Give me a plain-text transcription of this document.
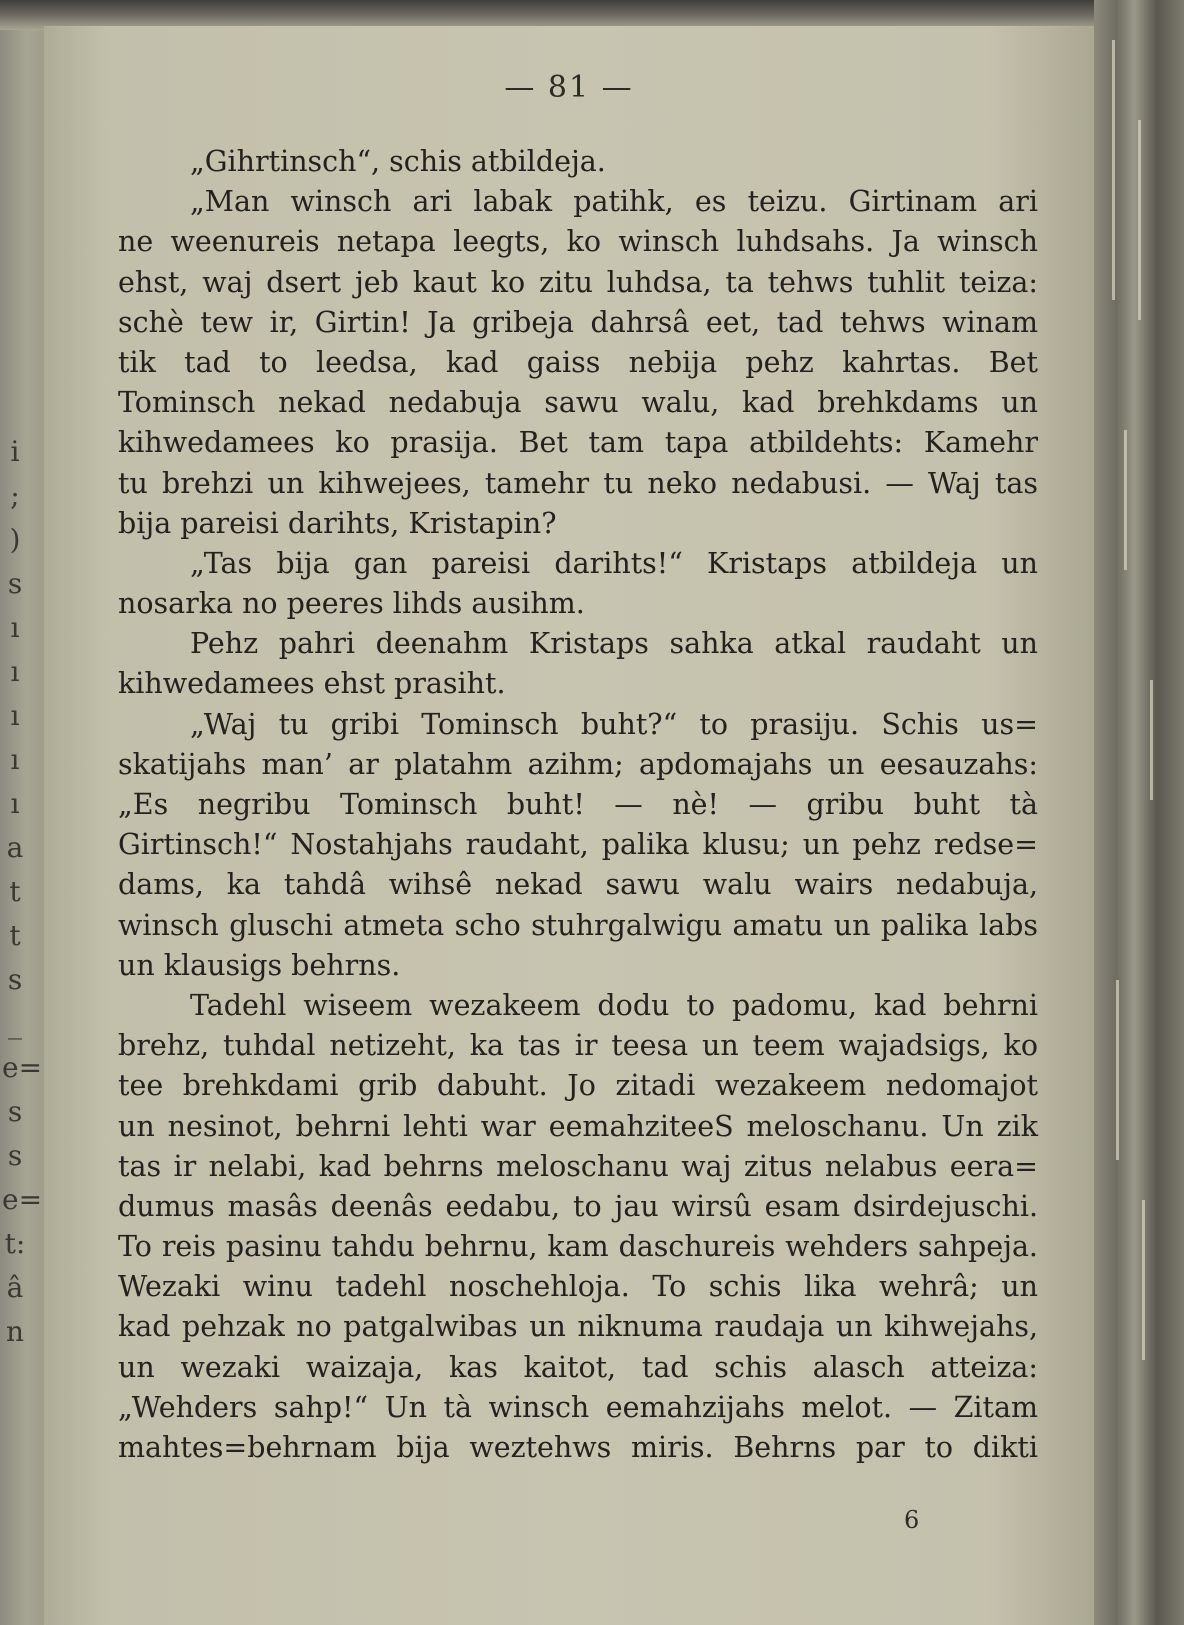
i
;
)
s
ı
ı
ı
ı
ı
a
t
t
s
_
e=
s
s
e=
t:
â
n
— 81 —
„Gihrtinsch“, schis atbildeja.
„Man winsch ari labak patihk, es teizu. Girtinam ari
ne weenureis netapa leegts, ko winsch luhdsahs. Ja winsch
ehst, waj dsert jeb kaut ko zitu luhdsa, ta tehws tuhlit teiza:
schè tew ir, Girtin! Ja gribeja dahrsâ eet, tad tehws winam
tik tad to leedsa, kad gaiss nebija pehz kahrtas. Bet
Tominsch nekad nedabuja sawu walu, kad brehkdams un
kihwedamees ko prasija. Bet tam tapa atbildehts: Kamehr
tu brehzi un kihwejees, tamehr tu neko nedabusi. — Waj tas
bija pareisi darihts, Kristapin?
„Tas bija gan pareisi darihts!“ Kristaps atbildeja un
nosarka no peeres lihds ausihm.
Pehz pahri deenahm Kristaps sahka atkal raudaht un
kihwedamees ehst prasiht.
„Waj tu gribi Tominsch buht?“ to prasiju. Schis us=
skatijahs man’ ar platahm azihm; apdomajahs un eesauzahs:
„Es negribu Tominsch buht! — nè! — gribu buht tà
Girtinsch!“ Nostahjahs raudaht, palika klusu; un pehz redse=
dams, ka tahdâ wihsê nekad sawu walu wairs nedabuja,
winsch gluschi atmeta scho stuhrgalwigu amatu un palika labs
un klausigs behrns.
Tadehl wiseem wezakeem dodu to padomu, kad behrni
brehz, tuhdal netizeht, ka tas ir teesa un teem wajadsigs, ko
tee brehkdami grib dabuht. Jo zitadi wezakeem nedomajot
un nesinot, behrni lehti war eemahziteeS meloschanu. Un zik
tas ir nelabi, kad behrns meloschanu waj zitus nelabus eera=
dumus masâs deenâs eedabu, to jau wirsû esam dsirdejuschi.
To reis pasinu tahdu behrnu, kam daschureis wehders sahpeja.
Wezaki winu tadehl noschehloja. To schis lika wehrâ; un
kad pehzak no patgalwibas un niknuma raudaja un kihwejahs,
un wezaki waizaja, kas kaitot, tad schis alasch atteiza:
„Wehders sahp!“ Un tà winsch eemahzijahs melot. — Zitam
mahtes=behrnam bija weztehws miris. Behrns par to dikti
6
